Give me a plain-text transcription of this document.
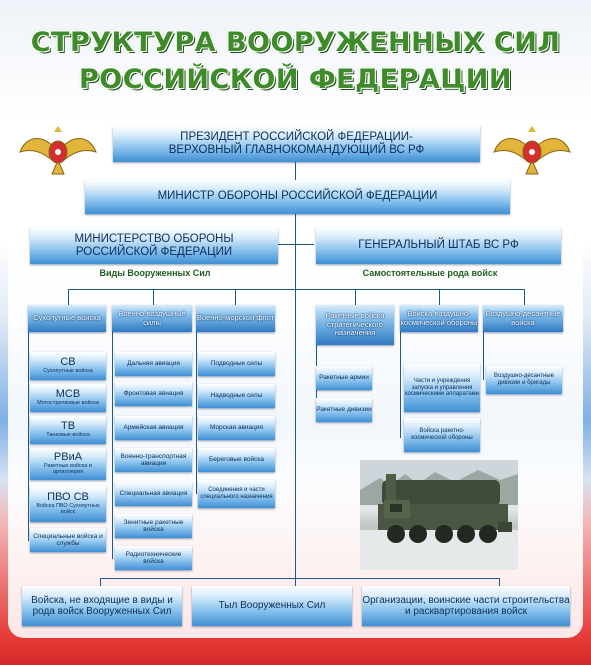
СТРУКТУРА ВООРУЖЕННЫХ СИЛ
РОССИЙСКОЙ ФЕДЕРАЦИИ
ПРЕЗИДЕНТ РОССИЙСКОЙ ФЕДЕРАЦИИ-
ВЕРХОВНЫЙ ГЛАВНОКОМАНДУЮЩИЙ ВС РФ
МИНИСТР ОБОРОНЫ РОССИЙСКОЙ ФЕДЕРАЦИИ
МИНИСТЕРСТВО ОБОРОНЫ
РОССИЙСКОЙ ФЕДЕРАЦИИ
ГЕНЕРАЛЬНЫЙ ШТАБ ВС РФ
Виды Вооруженных Сил	Самостоятельные рода войск
Сухопутные войска	Военно-воздушные силы	Военно-морской флот	Ракетные войска стратегического назначения
Войска воздушно-космической обороны
Воздушно-десантные войска
СВ
Сухопутные войска
МСВ
Мотострелковые войска
ТВ
Танковые войска
РВиА
Ракетные войска и артиллерия
ПВО СВ
Войска ПВО Сухопутных войск
Специальные войска и службы
Дальняя авиация
Фронтовая авиация
Армейская авиация
Военно-транспортная авиация
Специальная авиация
Зенитные ракетные войска
Радиотехнические войска
Подводные силы
Надводные силы
Морская авиация
Береговые войска
Соединения и части специального назначения
Ракетные армии
Ракетные дивизии
Части и учреждения запуска и управления космическими аппаратами
Войска ракетно-космической обороны
Воздушно-десантные дивизии и бригады
Войска, не входящие в виды и рода войск Вооруженных Сил
Тыл Вооруженных Сил
Организации, воинские части строительства и расквартирования войск
